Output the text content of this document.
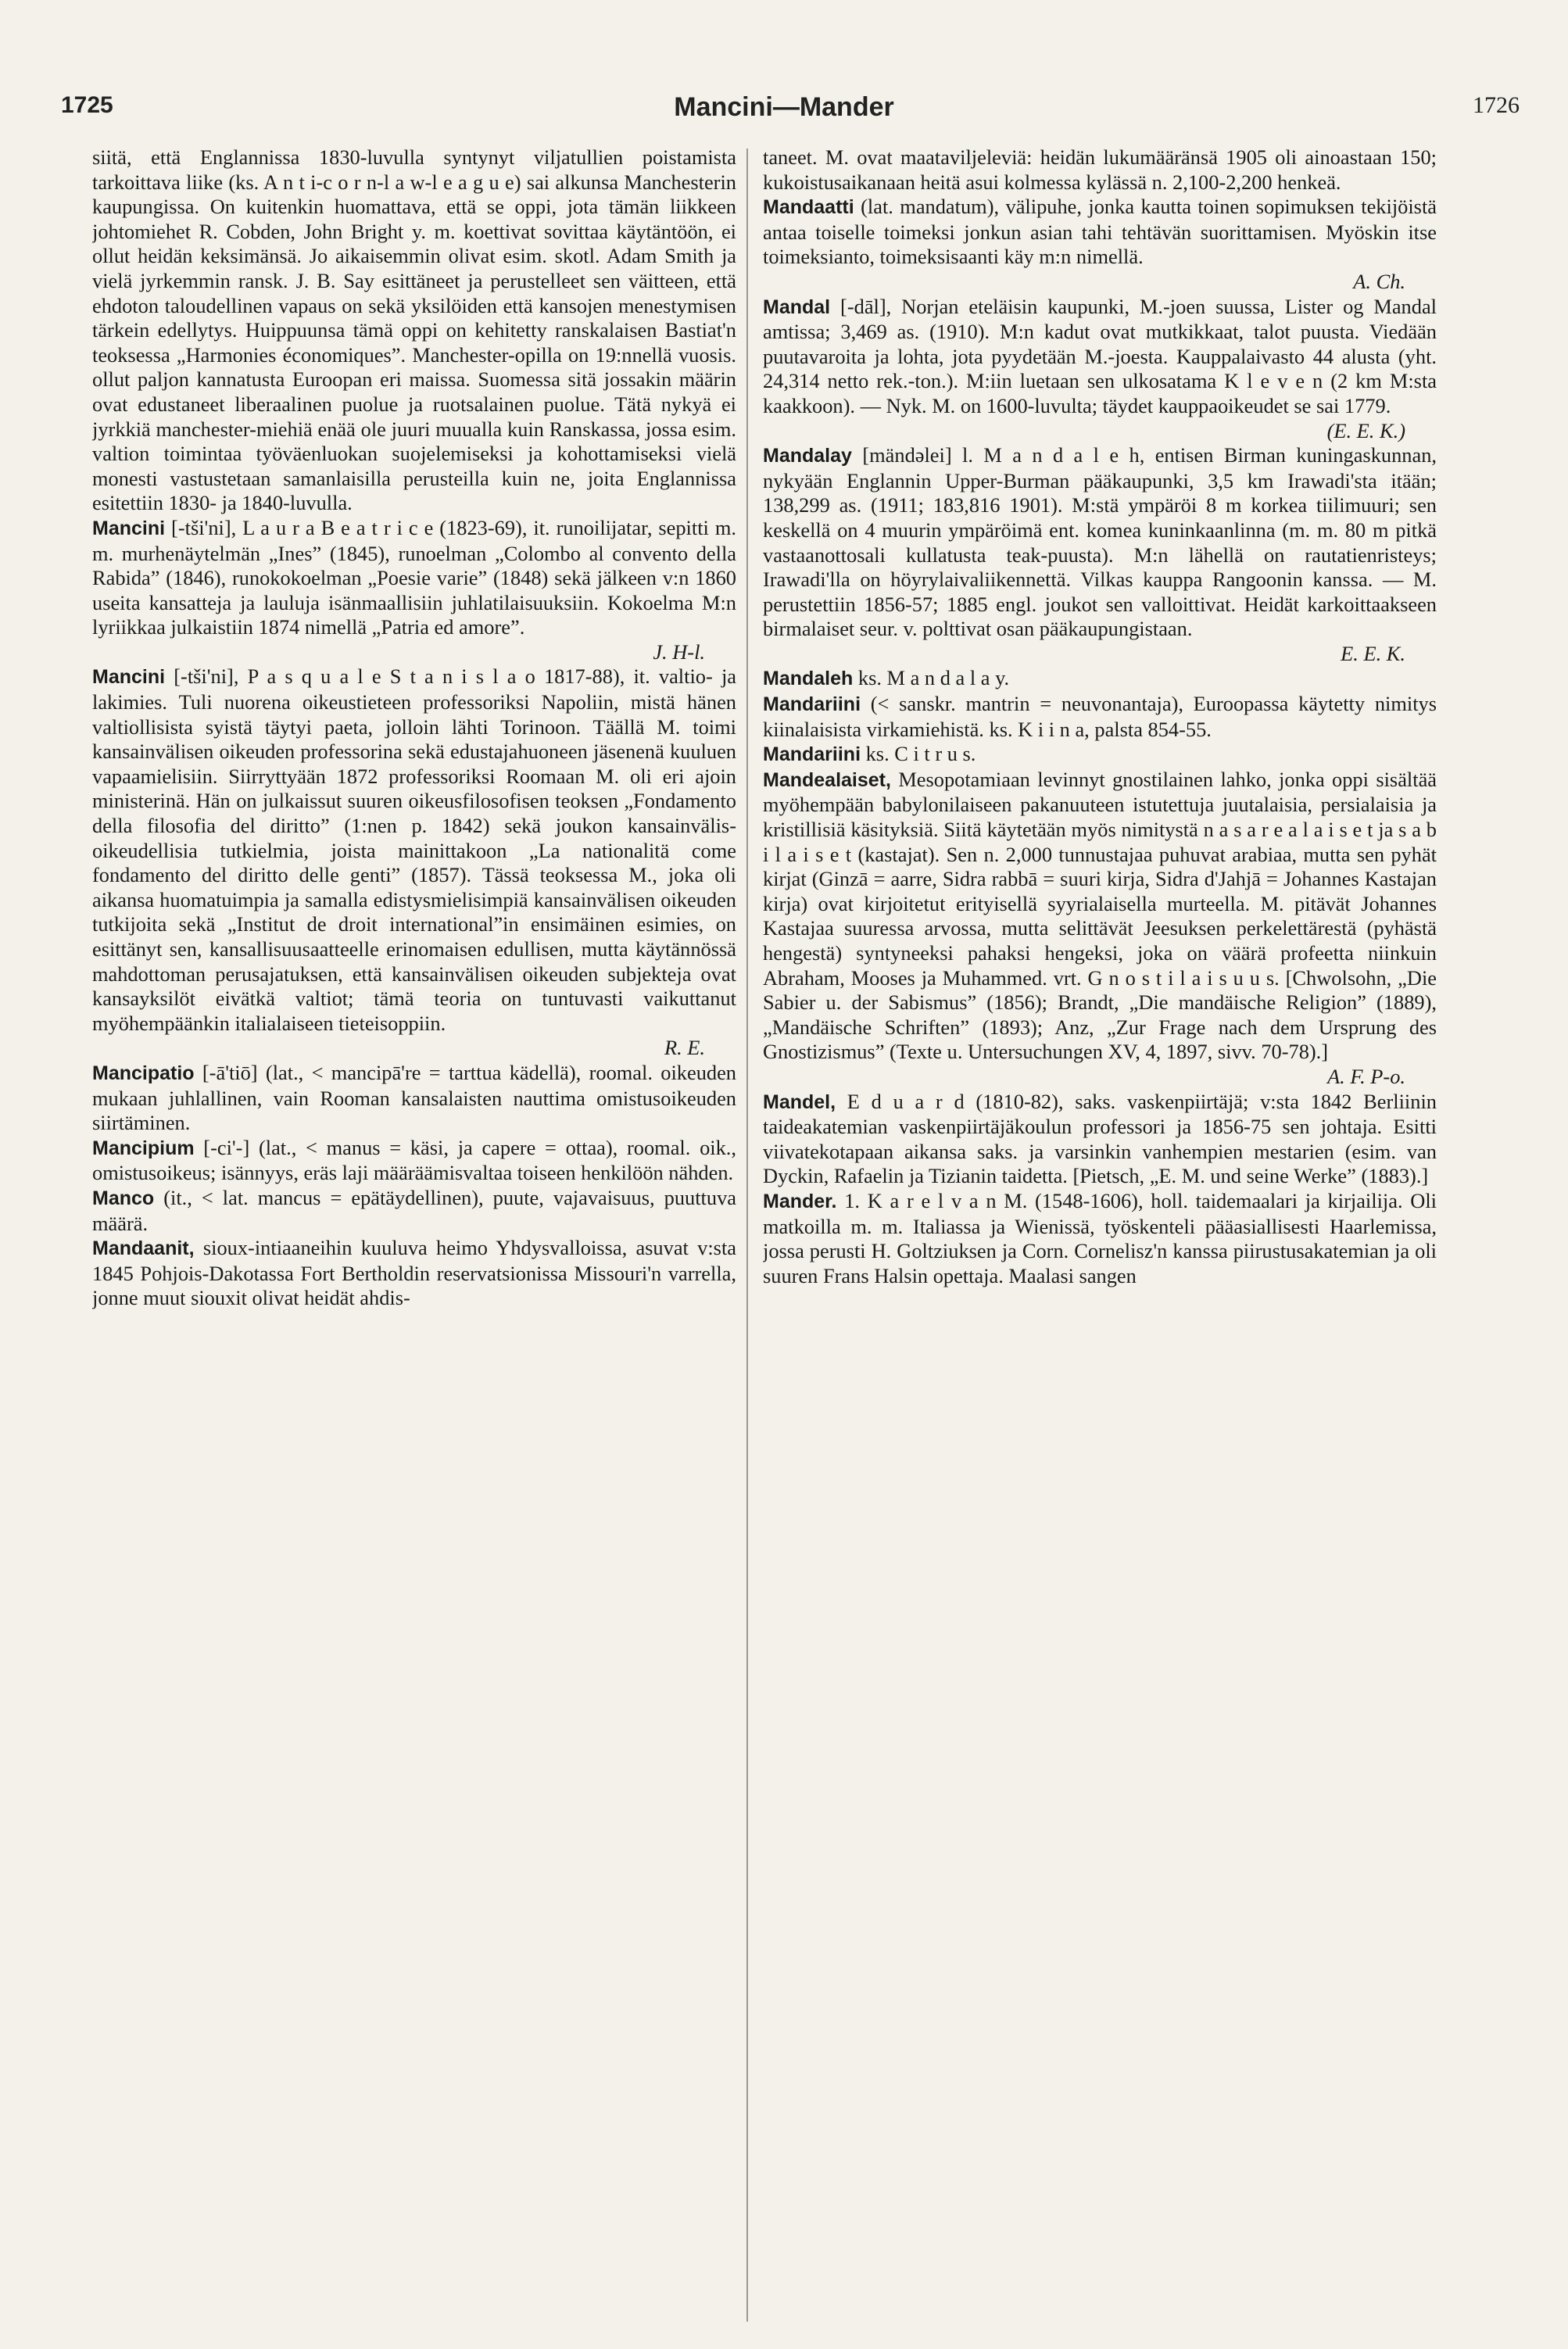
1725	Mancini—Mander	1726

siitä, että Englannissa 1830-luvulla syntynyt viljatullien poistamista tarkoittava liike (ks. A n t i-c o r n-l a w-l e a g u e) sai alkunsa Manchesterin kaupungissa. On kuitenkin huomattava, että se oppi, jota tämän liikkeen johtomiehet R. Cobden, John Bright y. m. koettivat sovittaa käytäntöön, ei ollut heidän keksimänsä. Jo aikaisemmin olivat esim. skotl. Adam Smith ja vielä jyrkemmin ransk. J. B. Say esittäneet ja perustelleet sen väitteen, että ehdoton taloudellinen vapaus on sekä yksilöiden että kansojen menestymisen tärkein edellytys. Huippuunsa tämä oppi on kehitetty ranskalaisen Bastiat'n teoksessa „Harmonies économiques”. Manchester-opilla on 19:nnellä vuosis. ollut paljon kannatusta Euroopan eri maissa. Suomessa sitä jossakin määrin ovat edustaneet liberaalinen puolue ja ruotsalainen puolue. Tätä nykyä ei jyrkkiä manchester-miehiä enää ole juuri muualla kuin Ranskassa, jossa esim. valtion toimintaa työväenluokan suojelemiseksi ja kohottamiseksi vielä monesti vastustetaan samanlaisilla perusteilla kuin ne, joita Englannissa esitettiin 1830- ja 1840-luvulla.

Mancini [-tši'ni], L a u r a B e a t r i c e (1823-69), it. runoilijatar, sepitti m. m. murhenäytelmän „Ines” (1845), runoelman „Colombo al convento della Rabida” (1846), runokokoelman „Poesie varie” (1848) sekä jälkeen v:n 1860 useita kansatteja ja lauluja isänmaallisiin juhlatilaisuuksiin. Kokoelma M:n lyriikkaa julkaistiin 1874 nimellä „Patria ed amore”.
J. H-l.

Mancini [-tši'ni], P a s q u a l e S t a n i s l a o 1817-88), it. valtio- ja lakimies. Tuli nuorena oikeustieteen professoriksi Napoliin, mistä hänen valtiollisista syistä täytyi paeta, jolloin lähti Torinoon. Täällä M. toimi kansainvälisen oikeuden professorina sekä edustajahuoneen jäsenenä kuuluen vapaamielisiin. Siirryttyään 1872 professoriksi Roomaan M. oli eri ajoin ministerinä. Hän on julkaissut suuren oikeusfilosofisen teoksen „Fondamento della filosofia del diritto” (1:nen p. 1842) sekä joukon kansainvälis-oikeudellisia tutkielmia, joista mainittakoon „La nationalitä come fondamento del diritto delle genti” (1857). Tässä teoksessa M., joka oli aikansa huomatuimpia ja samalla edistysmielisimpiä kansainvälisen oikeuden tutkijoita sekä „Institut de droit international”in ensimäinen esimies, on esittänyt sen, kansallisuusaatteelle erinomaisen edullisen, mutta käytännössä mahdottoman perusajatuksen, että kansainvälisen oikeuden subjekteja ovat kansayksilöt eivätkä valtiot; tämä teoria on tuntuvasti vaikuttanut myöhempäänkin italialaiseen tieteisoppiin.
R. E.

Mancipatio [-ā'tiō] (lat., < mancipā're = tarttua kädellä), roomal. oikeuden mukaan juhlallinen, vain Rooman kansalaisten nauttima omistusoikeuden siirtäminen.

Mancipium [-ci'-] (lat., < manus = käsi, ja capere = ottaa), roomal. oik., omistusoikeus; isännyys, eräs laji määräämisvaltaa toiseen henkilöön nähden.

Manco (it., < lat. mancus = epätäydellinen), puute, vajavaisuus, puuttuva määrä.

Mandaanit, sioux-intiaaneihin kuuluva heimo Yhdysvalloissa, asuvat v:sta 1845 Pohjois-Dakotassa Fort Bertholdin reservatsionissa Missouri'n varrella, jonne muut siouxit olivat heidät ahdis-

taneet. M. ovat maataviljeleviä: heidän lukumääränsä 1905 oli ainoastaan 150; kukoistusaikanaan heitä asui kolmessa kylässä n. 2,100-2,200 henkeä.

Mandaatti (lat. mandatum), välipuhe, jonka kautta toinen sopimuksen tekijöistä antaa toiselle toimeksi jonkun asian tahi tehtävän suorittamisen. Myöskin itse toimeksianto, toimeksisaanti käy m:n nimellä.
A. Ch.

Mandal [-dāl], Norjan eteläisin kaupunki, M.-joen suussa, Lister og Mandal amtissa; 3,469 as. (1910). M:n kadut ovat mutkikkaat, talot puusta. Viedään puutavaroita ja lohta, jota pyydetään M.-joesta. Kauppalaivasto 44 alusta (yht. 24,314 netto rek.-ton.). M:iin luetaan sen ulkosatama K l e v e n (2 km M:sta kaakkoon). — Nyk. M. on 1600-luvulta; täydet kauppaoikeudet se sai 1779.
(E. E. K.)

Mandalay [mändəlei] l. M a n d a l e h, entisen Birman kuningaskunnan, nykyään Englannin Upper-Burman pääkaupunki, 3,5 km Irawadi'sta itään; 138,299 as. (1911; 183,816 1901). M:stä ympäröi 8 m korkea tiilimuuri; sen keskellä on 4 muurin ympäröimä ent. komea kuninkaanlinna (m. m. 80 m pitkä vastaanottosali kullatusta teak-puusta). M:n lähellä on rautatienristeys; Irawadi'lla on höyrylaivaliikennettä. Vilkas kauppa Rangoonin kanssa. — M. perustettiin 1856-57; 1885 engl. joukot sen valloittivat. Heidät karkoittaakseen birmalaiset seur. v. polttivat osan pääkaupungistaan.
E. E. K.

Mandaleh ks. M a n d a l a y.

Mandariini (< sanskr. mantrin = neuvonantaja), Euroopassa käytetty nimitys kiinalaisista virkamiehistä. ks. K i i n a, palsta 854-55.

Mandariini ks. C i t r u s.

Mandealaiset, Mesopotamiaan levinnyt gnostilainen lahko, jonka oppi sisältää myöhempään babylonilaiseen pakanuuteen istutettuja juutalaisia, persialaisia ja kristillisiä käsityksiä. Siitä käytetään myös nimitystä n a s a r e a l a i s e t ja s a b i l a i s e t (kastajat). Sen n. 2,000 tunnustajaa puhuvat arabiaa, mutta sen pyhät kirjat (Ginzā = aarre, Sidra rabbā = suuri kirja, Sidra d'Jahjā = Johannes Kastajan kirja) ovat kirjoitetut erityisellä syyrialaisella murteella. M. pitävät Johannes Kastajaa suuressa arvossa, mutta selittävät Jeesuksen perkelettärestä (pyhästä hengestä) syntyneeksi pahaksi hengeksi, joka on väärä profeetta niinkuin Abraham, Mooses ja Muhammed. vrt. G n o s t i l a i s u u s. [Chwolsohn, „Die Sabier u. der Sabismus” (1856); Brandt, „Die mandäische Religion” (1889), „Mandäische Schriften” (1893); Anz, „Zur Frage nach dem Ursprung des Gnostizismus” (Texte u. Untersuchungen XV, 4, 1897, sivv. 70-78).]
A. F. P-o.

Mandel, E d u a r d (1810-82), saks. vaskenpiirtäjä; v:sta 1842 Berliinin taideakatemian vaskenpiirtäjäkoulun professori ja 1856-75 sen johtaja. Esitti viivatekotapaan aikansa saks. ja varsinkin vanhempien mestarien (esim. van Dyckin, Rafaelin ja Tizianin taidetta. [Pietsch, „E. M. und seine Werke” (1883).]

Mander. 1. K a r e l v a n M. (1548-1606), holl. taidemaalari ja kirjailija. Oli matkoilla m. m. Italiassa ja Wienissä, työskenteli pääasiallisesti Haarlemissa, jossa perusti H. Goltziuksen ja Corn. Cornelisz'n kanssa piirustusakatemian ja oli suuren Frans Halsin opettaja. Maalasi sangen
